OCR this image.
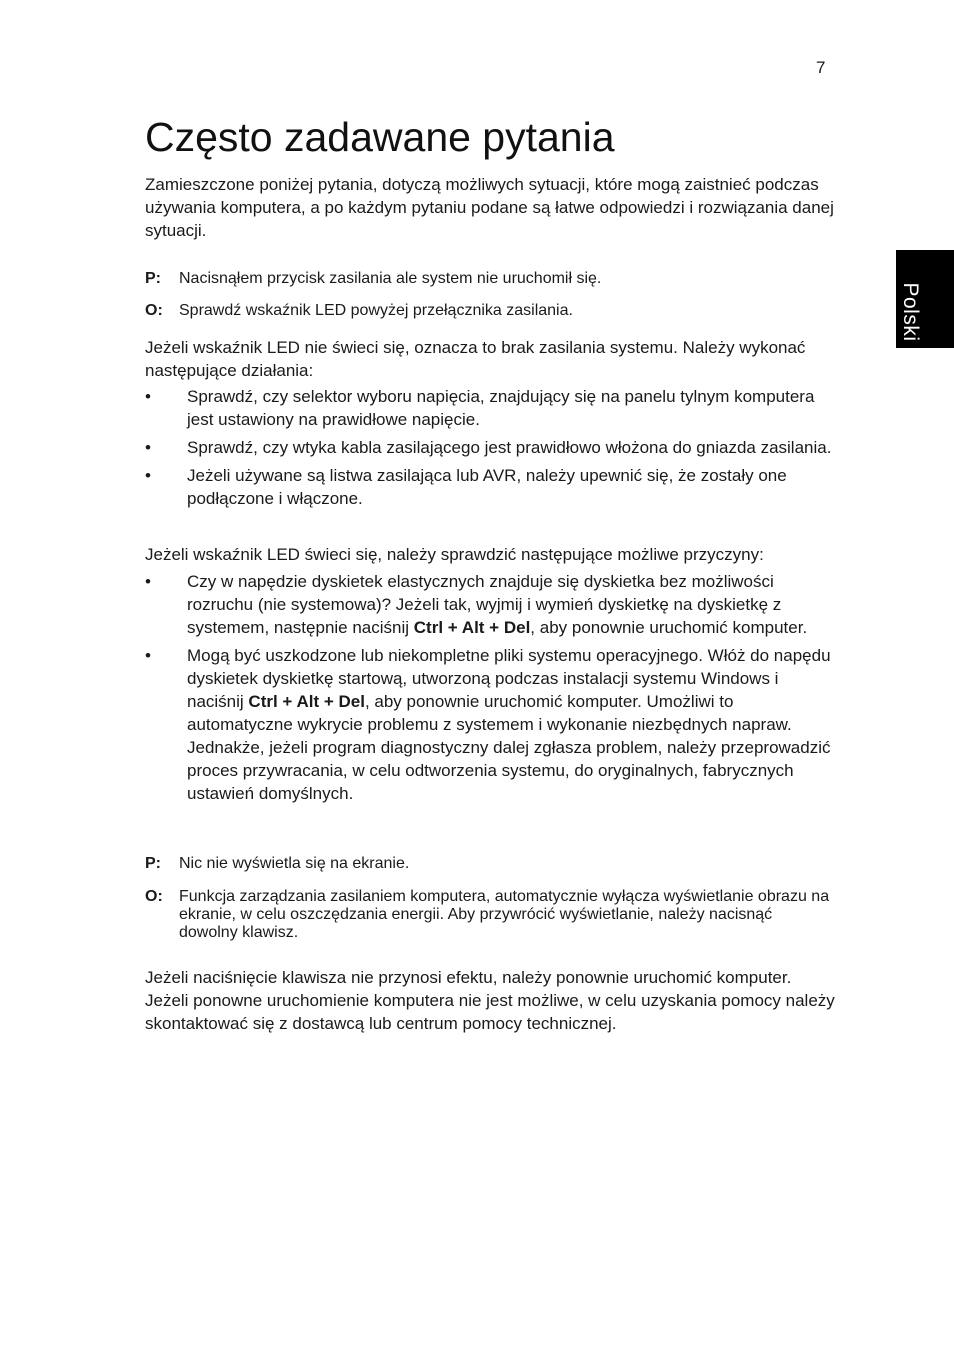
7
Polski
Często zadawane pytania

Zamieszczone poniżej pytania, dotyczą możliwych sytuacji, które mogą zaistnieć podczas używania komputera, a po każdym pytaniu podane są łatwe odpowiedzi i rozwiązania danej sytuacji.

P:	Nacisnąłem przycisk zasilania ale system nie uruchomił się.
O:	Sprawdź wskaźnik LED powyżej przełącznika zasilania.

Jeżeli wskaźnik LED nie świeci się, oznacza to brak zasilania systemu. Należy wykonać następujące działania:

• Sprawdź, czy selektor wyboru napięcia, znajdujący się na panelu tylnym komputera jest ustawiony na prawidłowe napięcie.
• Sprawdź, czy wtyka kabla zasilającego jest prawidłowo włożona do gniazda zasilania.
• Jeżeli używane są listwa zasilająca lub AVR, należy upewnić się, że zostały one podłączone i włączone.

Jeżeli wskaźnik LED świeci się, należy sprawdzić następujące możliwe przyczyny:

• Czy w napędzie dyskietek elastycznych znajduje się dyskietka bez możliwości rozruchu (nie systemowa)? Jeżeli tak, wyjmij i wymień dyskietkę na dyskietkę z systemem, następnie naciśnij Ctrl + Alt + Del, aby ponownie uruchomić komputer.
• Mogą być uszkodzone lub niekompletne pliki systemu operacyjnego. Włóż do napędu dyskietek dyskietkę startową, utworzoną podczas instalacji systemu Windows i naciśnij Ctrl + Alt + Del, aby ponownie uruchomić komputer. Umożliwi to automatyczne wykrycie problemu z systemem i wykonanie niezbędnych napraw. Jednakże, jeżeli program diagnostyczny dalej zgłasza problem, należy przeprowadzić proces przywracania, w celu odtworzenia systemu, do oryginalnych, fabrycznych ustawień domyślnych.
P:	Nic nie wyświetla się na ekranie.
O:	Funkcja zarządzania zasilaniem komputera, automatycznie wyłącza wyświetlanie obrazu na ekranie, w celu oszczędzania energii. Aby przywrócić wyświetlanie, należy nacisnąć dowolny klawisz.

Jeżeli naciśnięcie klawisza nie przynosi efektu, należy ponownie uruchomić komputer. Jeżeli ponowne uruchomienie komputera nie jest możliwe, w celu uzyskania pomocy należy skontaktować się z dostawcą lub centrum pomocy technicznej.
